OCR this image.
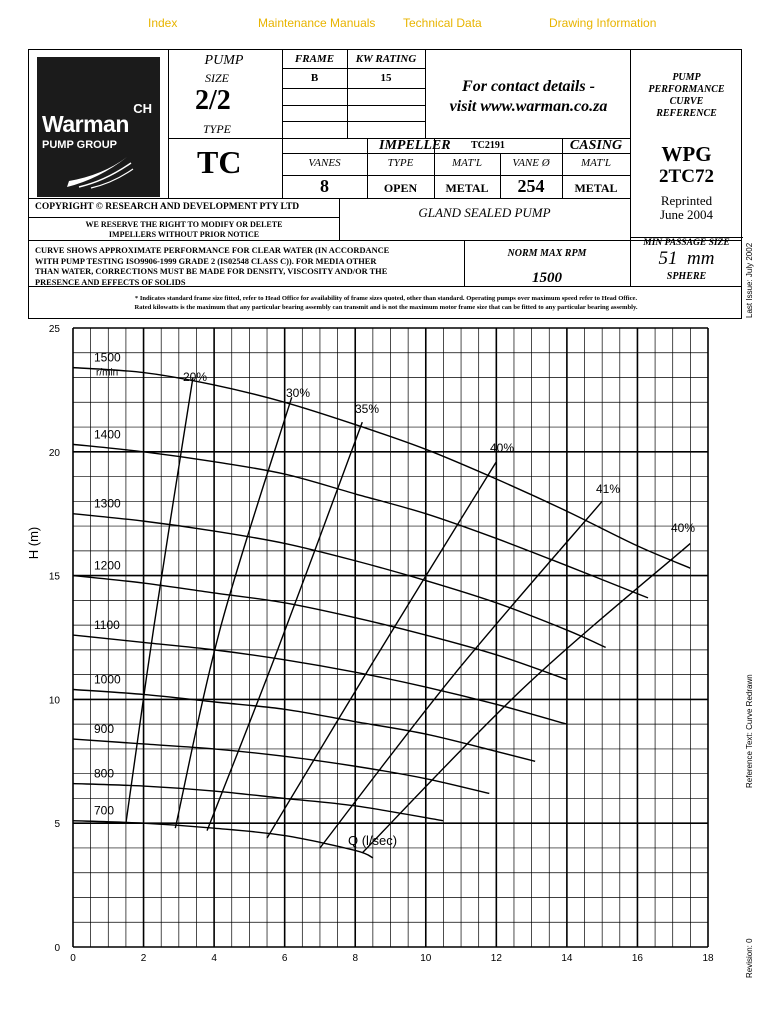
Index	Maintenance Manuals Technical Data	Drawing Information
CH
Warman
PUMP GROUP
PUMP
SIZE
2/2
TYPE
TC
FRAME	KW RATING
B	15	For contact details -
visit www.warman.co.za
IMPELLER TC2191	CASING
VANES	TYPE	MAT'L	VANE Ø	MAT'L
8	OPEN	METAL	254	METAL
COPYRIGHT © RESEARCH AND DEVELOPMENT PTY LTD
WE RESERVE THE RIGHT TO MODIFY OR DELETE
IMPELLERS WITHOUT PRIOR NOTICE
GLAND SEALED PUMP
PUMP
PERFORMANCE
CURVE
REFERENCE
WPG
2TC72
Reprinted
June 2004
CURVE SHOWS APPROXIMATE PERFORMANCE FOR CLEAR WATER (IN ACCORDANCE
WITH PUMP TESTING ISO9906-1999 GRADE 2 (IS02548 CLASS C)). FOR MEDIA OTHER
THAN WATER, CORRECTIONS MUST BE MADE FOR DENSITY, VISCOSITY AND/OR THE
PRESENCE AND EFFECTS OF SOLIDS
NORM MAX RPM
1500
MIN PASSAGE SIZE
51  mm
SPHERE
* Indicates standard frame size fitted, refer to Head Office for availability of frame sizes quoted, other than standard. Operating pumps over maximum speed refer to Head Office.
Rated kilowatts is the maximum that any particular bearing assembly can transmit and is not the maximum motor frame size that can be fitted to any particular bearing assembly.	Last Issue: July 2002
Reference Text: Curve Redrawn
Revision: 0
0	2	4	6	8	10	12	14	16	18
0
5
10
15
20
25
H (m)
1500
1400
1300
1200
1100
1000
900
800
700
r/min	20%
30%
35%
40%
41%
40%
Q (l/sec)
